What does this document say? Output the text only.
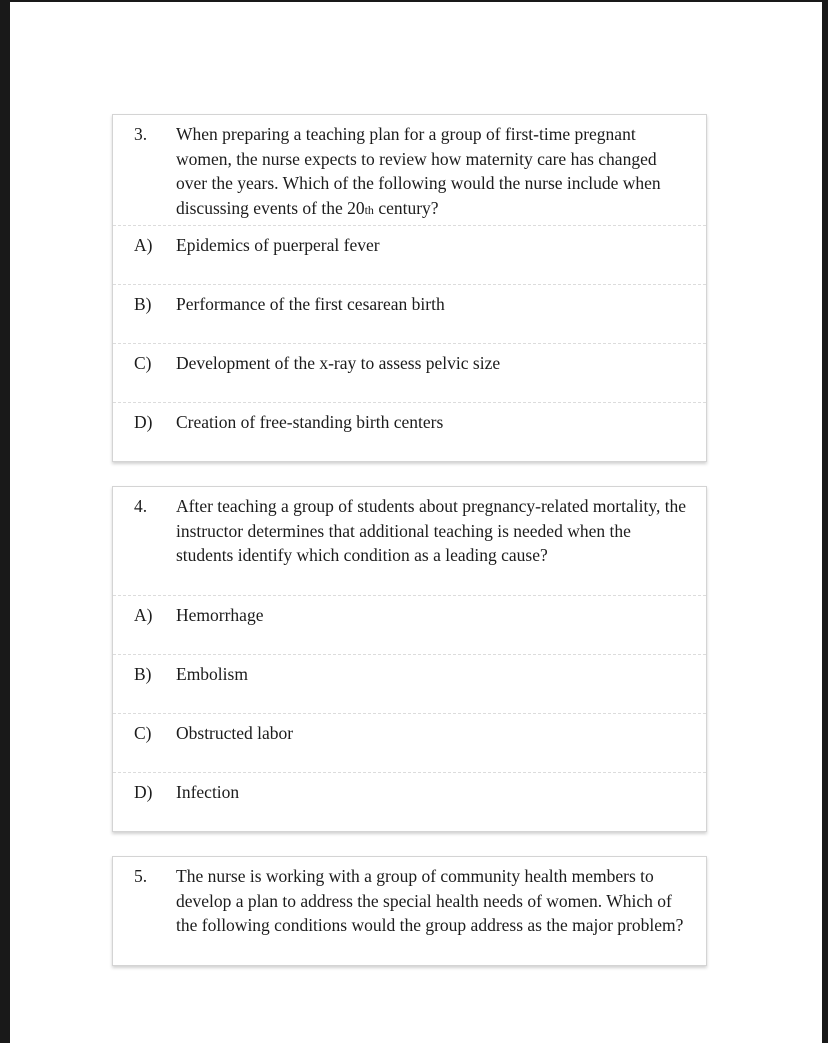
3. When preparing a teaching plan for a group of first-time pregnant women, the nurse expects to review how maternity care has changed over the years. Which of the following would the nurse include when discussing events of the 20th century?
A) Epidemics of puerperal fever
B) Performance of the first cesarean birth
C) Development of the x-ray to assess pelvic size
D) Creation of free-standing birth centers
4. After teaching a group of students about pregnancy-related mortality, the instructor determines that additional teaching is needed when the students identify which condition as a leading cause?
A) Hemorrhage
B) Embolism
C) Obstructed labor
D) Infection
5. The nurse is working with a group of community health members to develop a plan to address the special health needs of women. Which of the following conditions would the group address as the major problem?
